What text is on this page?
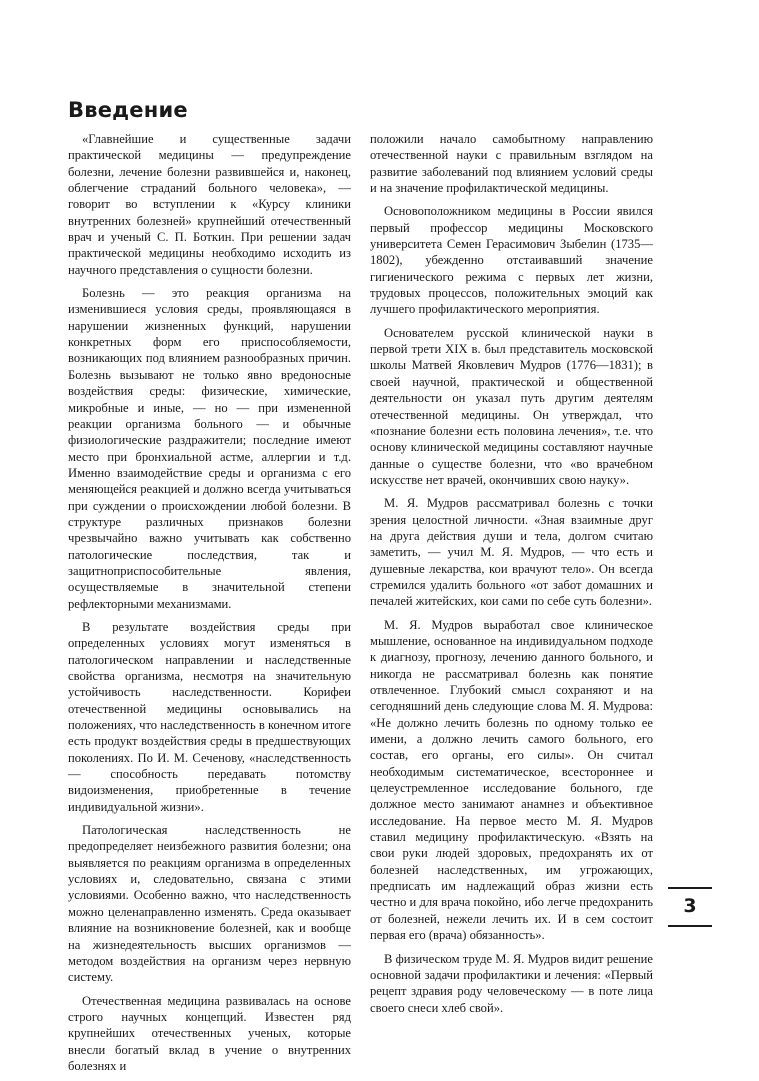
Введение

«Главнейшие и существенные задачи практической медицины — предупреждение болезни, лечение болезни развившейся и, наконец, облегчение страданий больного человека», — говорит во вступлении к «Курсу клиники внутренних болезней» крупнейший отечественный врач и ученый С. П. Боткин. При решении задач практической медицины необходимо исходить из научного представления о сущности болезни.

Болезнь — это реакция организма на изменившиеся условия среды, проявляющаяся в нарушении жизненных функций, нарушении конкретных форм его приспособляемости, возникающих под влиянием разнообразных причин. Болезнь вызывают не только явно вредоносные воздействия среды: физические, химические, микробные и иные, — но — при измененной реакции организма больного — и обычные физиологические раздражители; последние имеют место при бронхиальной астме, аллергии и т.д. Именно взаимодействие среды и организма с его меняющейся реакцией и должно всегда учитываться при суждении о происхождении любой болезни. В структуре различных признаков болезни чрезвычайно важно учитывать как собственно патологические последствия, так и защитноприспособительные явления, осуществляемые в значительной степени рефлекторными механизмами.

В результате воздействия среды при определенных условиях могут изменяться в патологическом направлении и наследственные свойства организма, несмотря на значительную устойчивость наследственности. Корифеи отечественной медицины основывались на положениях, что наследственность в конечном итоге есть продукт воздействия среды в предшествующих поколениях. По И. М. Сеченову, «наследственность — способность передавать потомству видоизменения, приобретенные в течение индивидуальной жизни».

Патологическая наследственность не предопределяет неизбежного развития болезни; она выявляется по реакциям организма в определенных условиях и, следовательно, связана с этими условиями. Особенно важно, что наследственность можно целенаправленно изменять. Среда оказывает влияние на возникновение болезней, как и вообще на жизнедеятельность высших организмов — методом воздействия на организм через нервную систему.

Отечественная медицина развивалась на основе строго научных концепций. Известен ряд крупнейших отечественных ученых, которые внесли богатый вклад в учение о внутренних болезнях и

положили начало самобытному направлению отечественной науки с правильным взглядом на развитие заболеваний под влиянием условий среды и на значение профилактической медицины.

Основоположником медицины в России явился первый профессор медицины Московского университета Семен Герасимович Зыбелин (1735—1802), убежденно отстаивавший значение гигиенического режима с первых лет жизни, трудовых процессов, положительных эмоций как лучшего профилактического мероприятия.

Основателем русской клинической науки в первой трети XIX в. был представитель московской школы Матвей Яковлевич Мудров (1776—1831); в своей научной, практической и общественной деятельности он указал путь другим деятелям отечественной медицины. Он утверждал, что «познание болезни есть половина лечения», т.е. что основу клинической медицины составляют научные данные о существе болезни, что «во врачебном искусстве нет врачей, окончивших свою науку».

М. Я. Мудров рассматривал болезнь с точки зрения целостной личности. «Зная взаимные друг на друга действия души и тела, долгом считаю заметить, — учил М. Я. Мудров, — что есть и душевные лекарства, кои врачуют тело». Он всегда стремился удалить больного «от забот домашних и печалей житейских, кои сами по себе суть болезни».

М. Я. Мудров выработал свое клиническое мышление, основанное на индивидуальном подходе к диагнозу, прогнозу, лечению данного больного, и никогда не рассматривал болезнь как понятие отвлеченное. Глубокий смысл сохраняют и на сегодняшний день следующие слова М. Я. Мудрова: «Не должно лечить болезнь по одному только ее имени, а должно лечить самого больного, его состав, его органы, его силы». Он считал необходимым систематическое, всестороннее и целеустремленное исследование больного, где должное место занимают анамнез и объективное исследование. На первое место М. Я. Мудров ставил медицину профилактическую. «Взять на свои руки людей здоровых, предохранять их от болезней наследственных, им угрожающих, предписать им надлежащий образ жизни есть честно и для врача покойно, ибо легче предохранить от болезней, нежели лечить их. И в сем состоит первая его (врача) обязанность».

В физическом труде М. Я. Мудров видит решение основной задачи профилактики и лечения: «Первый рецепт здравия роду человеческому — в поте лица своего снеси хлеб свой».

3
